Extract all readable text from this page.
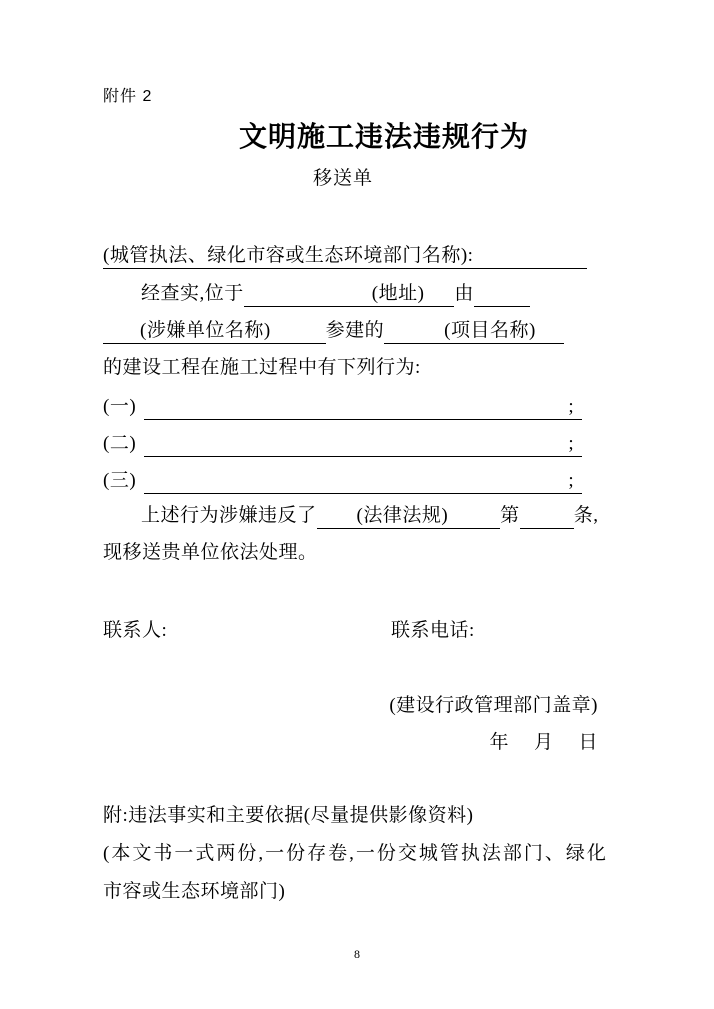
附件 2
文明施工违法违规行为
移送单
(城管执法、绿化市容或生态环境部门名称):
经查实,位于	(地址) 由
(涉嫌单位名称)	参建的	(项目名称)
的建设工程在施工过程中有下列行为:
(一)	;
(二)	;
(三)	;
上述行为涉嫌违反了 (法律法规)	第	条,
现移送贵单位依法处理。
联系人:	联系电话:
(建设行政管理部门盖章)
年 月 日
附:违法事实和主要依据(尽量提供影像资料)
(本文书一式两份,一份存卷,一份交城管执法部门、绿化
市容或生态环境部门)
8
